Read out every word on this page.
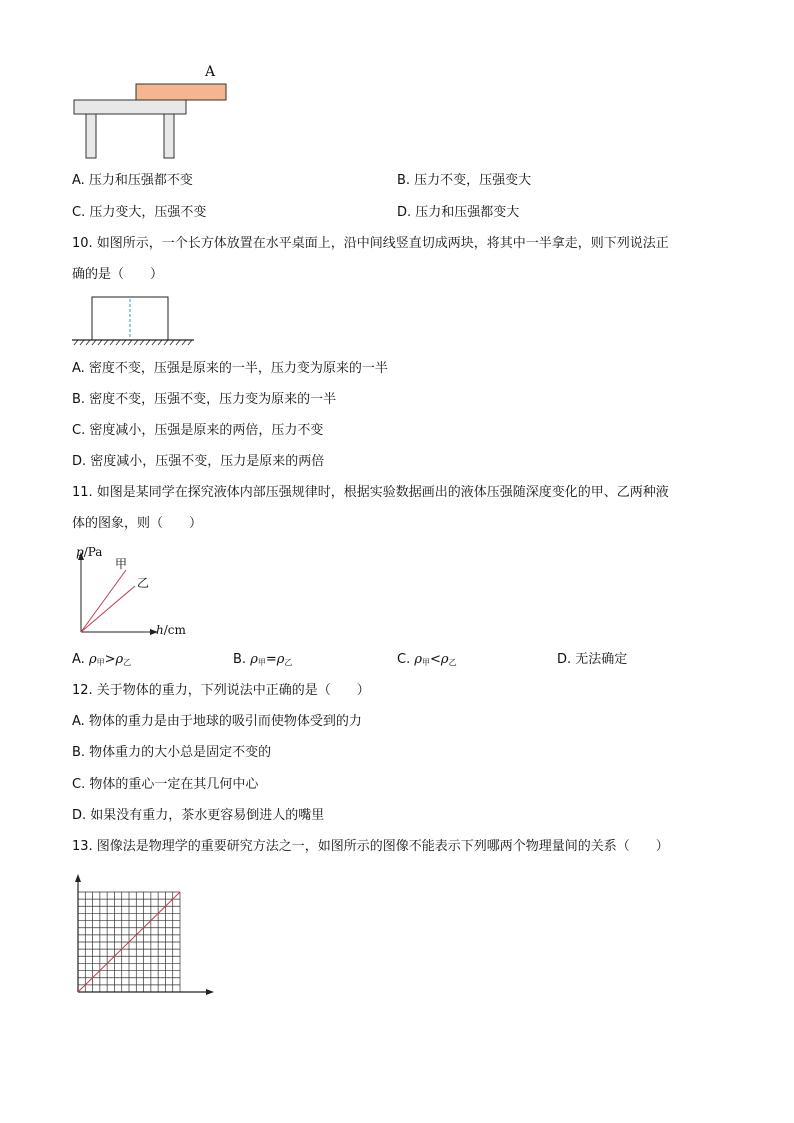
A
A. 压力和压强都不变	B. 压力不变，压强变大
C. 压力变大，压强不变	D. 压力和压强都变大
10. 如图所示，一个长方体放置在水平桌面上，沿中间线竖直切成两块，将其中一半拿走，则下列说法正
确的是（　　）
A. 密度不变，压强是原来的一半，压力变为原来的一半
B. 密度不变，压强不变，压力变为原来的一半
C. 密度减小，压强是原来的两倍，压力不变
D. 密度减小，压强不变，压力是原来的两倍
11. 如图是某同学在探究液体内部压强规律时，根据实验数据画出的液体压强随深度变化的甲、乙两种液
体的图象，则（　　）
p/Pa
甲
乙
h/cm
A. $\rho_甲>\rho_乙$	B. $\rho_甲=\rho_乙$	C. $\rho_甲<\rho_乙$	D. 无法确定
12. 关于物体的重力，下列说法中正确的是（　　）
A. 物体的重力是由于地球的吸引而使物体受到的力
B. 物体重力的大小总是固定不变的
C. 物体的重心一定在其几何中心
D. 如果没有重力，茶水更容易倒进人的嘴里
13. 图像法是物理学的重要研究方法之一，如图所示的图像不能表示下列哪两个物理量间的关系（　　）
